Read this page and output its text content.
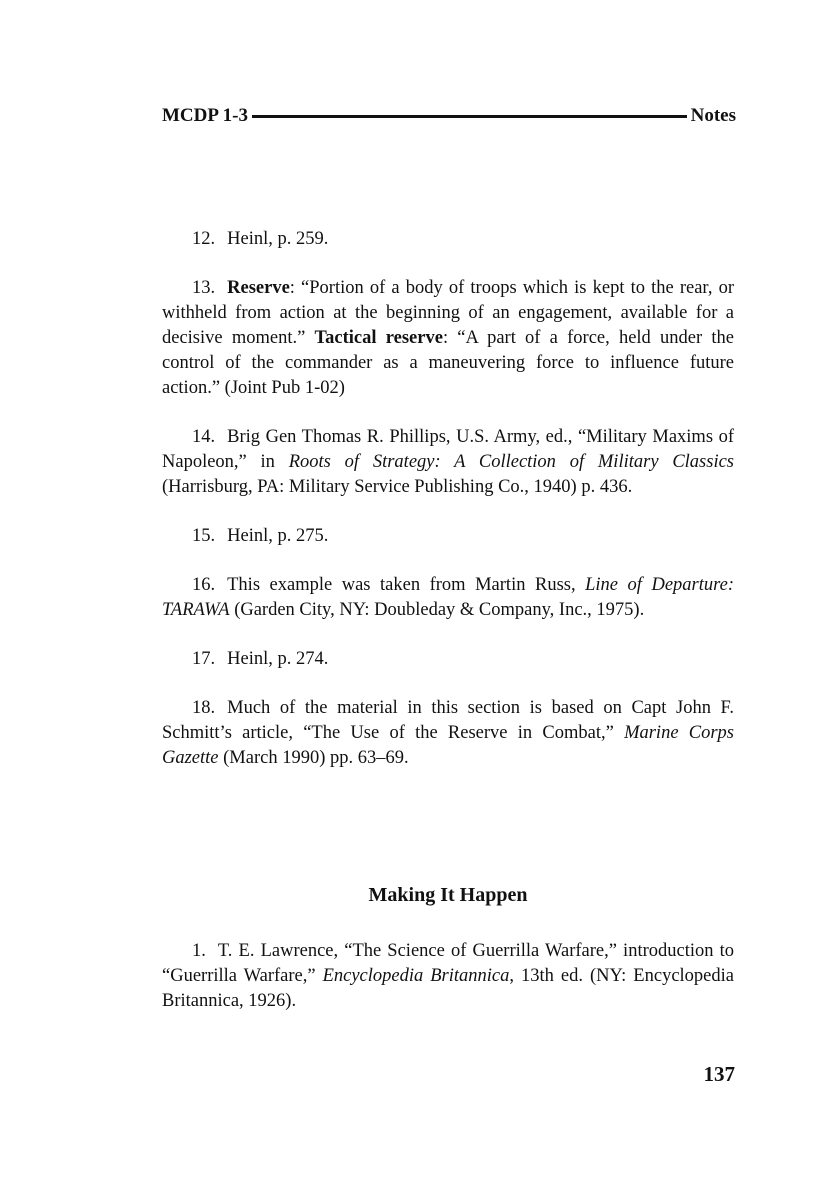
MCDP 1-3	Notes

12. Heinl, p. 259.

13. Reserve: “Portion of a body of troops which is kept to the rear, or withheld from action at the beginning of an engagement, available for a decisive moment.” Tactical reserve: “A part of a force, held under the control of the commander as a maneuvering force to influence future action.” (Joint Pub 1-02)

14. Brig Gen Thomas R. Phillips, U.S. Army, ed., “Military Maxims of Napoleon,” in Roots of Strategy: A Collection of Military Classics (Harrisburg, PA: Military Service Publishing Co., 1940) p. 436.

15. Heinl, p. 275.

16. This example was taken from Martin Russ, Line of Departure: TARAWA (Garden City, NY: Doubleday & Company, Inc., 1975).

17. Heinl, p. 274.

18. Much of the material in this section is based on Capt John F. Schmitt’s article, “The Use of the Reserve in Combat,” Marine Corps Gazette (March 1990) pp. 63–69.

Making It Happen

1. T. E. Lawrence, “The Science of Guerrilla Warfare,” introduction to “Guerrilla Warfare,” Encyclopedia Britannica, 13th ed. (NY: Encyclopedia Britannica, 1926).

137
